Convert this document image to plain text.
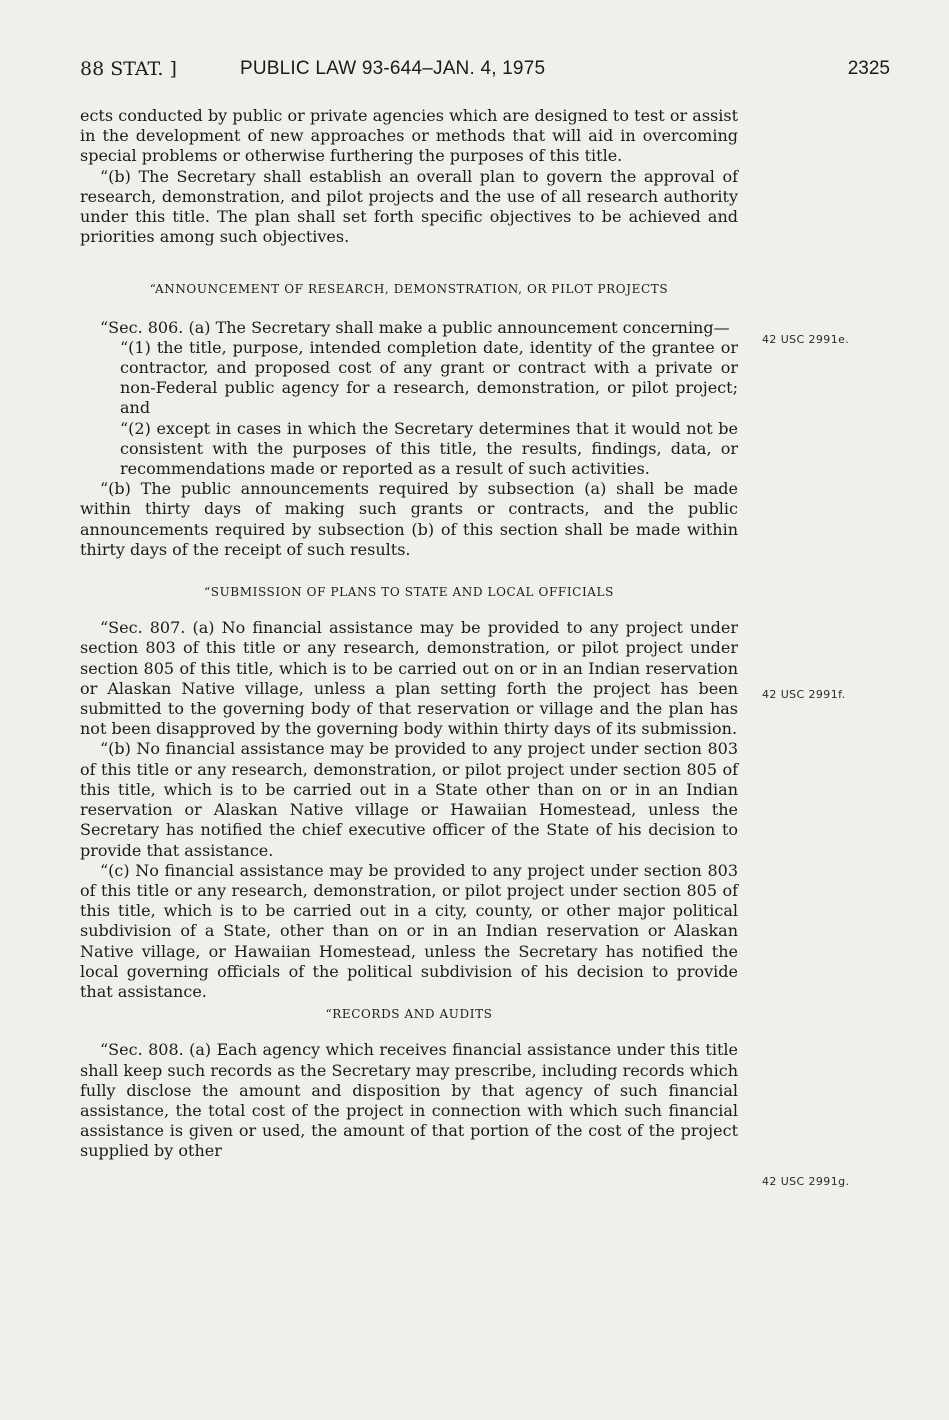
88 STAT. ]	PUBLIC LAW 93-644–JAN. 4, 1975	2325

ects conducted by public or private agencies which are designed to test or assist in the development of new approaches or methods that will aid in overcoming special problems or otherwise furthering the purposes of this title.

“(b) The Secretary shall establish an overall plan to govern the approval of research, demonstration, and pilot projects and the use of all research authority under this title. The plan shall set forth specific objectives to be achieved and priorities among such objectives.

“ANNOUNCEMENT OF RESEARCH, DEMONSTRATION, OR PILOT PROJECTS

“Sec. 806. (a) The Secretary shall make a public announcement concerning—

“(1) the title, purpose, intended completion date, identity of the grantee or contractor, and proposed cost of any grant or contract with a private or non-Federal public agency for a research, demonstration, or pilot project; and

“(2) except in cases in which the Secretary determines that it would not be consistent with the purposes of this title, the results, findings, data, or recommendations made or reported as a result of such activities.

“(b) The public announcements required by subsection (a) shall be made within thirty days of making such grants or contracts, and the public announcements required by subsection (b) of this section shall be made within thirty days of the receipt of such results.

“SUBMISSION OF PLANS TO STATE AND LOCAL OFFICIALS

“Sec. 807. (a) No financial assistance may be provided to any project under section 803 of this title or any research, demonstration, or pilot project under section 805 of this title, which is to be carried out on or in an Indian reservation or Alaskan Native village, unless a plan setting forth the project has been submitted to the governing body of that reservation or village and the plan has not been disapproved by the governing body within thirty days of its submission.

“(b) No financial assistance may be provided to any project under section 803 of this title or any research, demonstration, or pilot project under section 805 of this title, which is to be carried out in a State other than on or in an Indian reservation or Alaskan Native village or Hawaiian Homestead, unless the Secretary has notified the chief executive officer of the State of his decision to provide that assistance.

“(c) No financial assistance may be provided to any project under section 803 of this title or any research, demonstration, or pilot project under section 805 of this title, which is to be carried out in a city, county, or other major political subdivision of a State, other than on or in an Indian reservation or Alaskan Native village, or Hawaiian Homestead, unless the Secretary has notified the local governing officials of the political subdivision of his decision to provide that assistance.

“RECORDS AND AUDITS

“Sec. 808. (a) Each agency which receives financial assistance under this title shall keep such records as the Secretary may prescribe, including records which fully disclose the amount and disposition by that agency of such financial assistance, the total cost of the project in connection with which such financial assistance is given or used, the amount of that portion of the cost of the project supplied by other

42 USC 2991e.
42 USC 2991f.
42 USC 2991g.
